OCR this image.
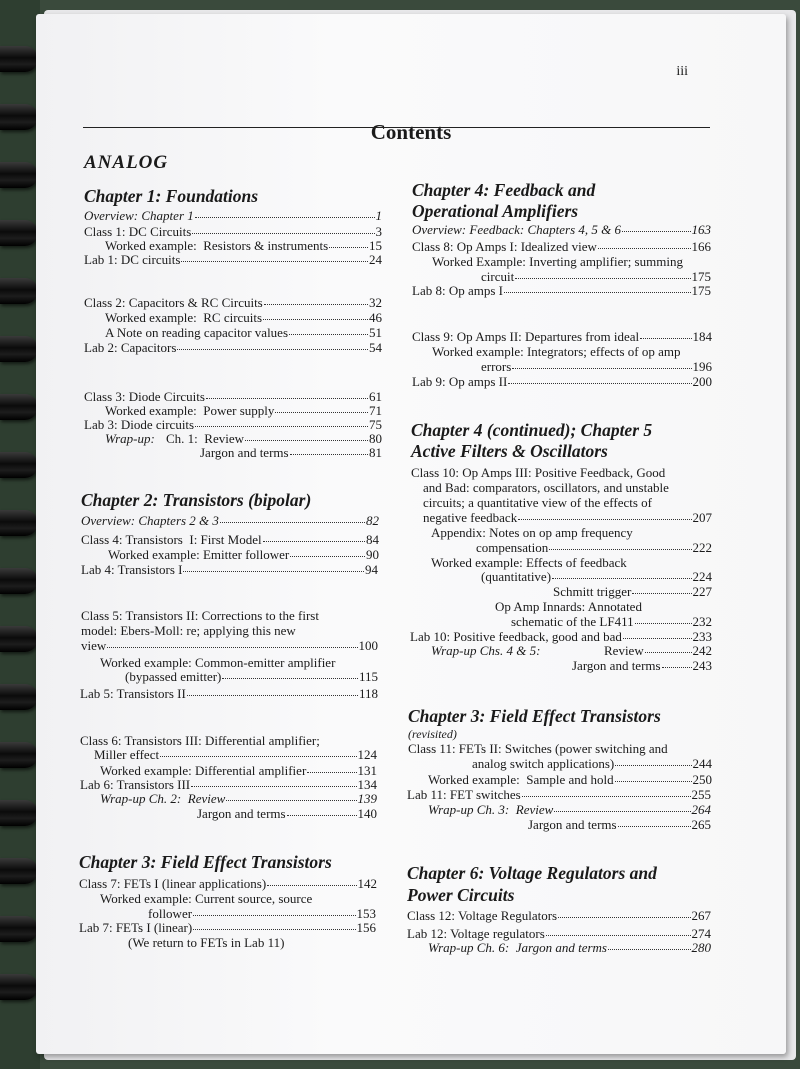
iii
Contents
ANALOG
Chapter 1: Foundations
Overview: Chapter 1	1
Class 1: DC Circuits	3
Worked example:  Resistors & instruments	15
Lab 1: DC circuits	24
Class 2: Capacitors & RC Circuits	32
Worked example:  RC circuits	46
A Note on reading capacitor values	51
Lab 2: Capacitors	54
Class 3: Diode Circuits	61
Worked example:  Power supply	71
Lab 3: Diode circuits	75
Wrap-up: Ch. 1:  Review	80
Jargon and terms	81
Chapter 2: Transistors (bipolar)
Overview: Chapters 2 & 3	82
Class 4: Transistors  I: First Model	84
Worked example: Emitter follower	90
Lab 4: Transistors I	94
Class 5: Transistors II: Corrections to the first
model: Ebers-Moll: re; applying this new
view	100
Worked example: Common-emitter amplifier
(bypassed emitter)	115
Lab 5: Transistors II	118
Class 6: Transistors III: Differential amplifier;
Miller effect	124
Worked example: Differential amplifier	131
Lab 6: Transistors III	134
Wrap-up Ch. 2:  Review	139
Jargon and terms	140
Chapter 3: Field Effect Transistors
Class 7: FETs I (linear applications)	142
Worked example: Current source, source
follower	153
Lab 7: FETs I (linear)	156
(We return to FETs in Lab 11)
Chapter 4: Feedback and
Operational Amplifiers
Overview: Feedback: Chapters 4, 5 & 6	163
Class 8: Op Amps I: Idealized view	166
Worked Example: Inverting amplifier; summing
circuit	175
Lab 8: Op amps I	175
Class 9: Op Amps II: Departures from ideal	184
Worked example: Integrators; effects of op amp
errors	196
Lab 9: Op amps II	200
Chapter 4 (continued); Chapter 5
Active Filters & Oscillators
Class 10: Op Amps III: Positive Feedback, Good
and Bad: comparators, oscillators, and unstable
circuits; a quantitative view of the effects of
negative feedback	207
Appendix: Notes on op amp frequency
compensation	222
Worked example: Effects of feedback
(quantitative)	224
Schmitt trigger	227
Op Amp Innards: Annotated
schematic of the LF411	232
Lab 10: Positive feedback, good and bad	233
Wrap-up Chs. 4 & 5:	Review	242
Jargon and terms 243
Chapter 3: Field Effect Transistors
(revisited)
Class 11: FETs II: Switches (power switching and
analog switch applications)	244
Worked example:  Sample and hold	250
Lab 11: FET switches	255
Wrap-up Ch. 3:  Review	264
Jargon and terms	265
Chapter 6: Voltage Regulators and
Power Circuits
Class 12: Voltage Regulators	267
Lab 12: Voltage regulators	274
Wrap-up Ch. 6:  Jargon and terms	280
